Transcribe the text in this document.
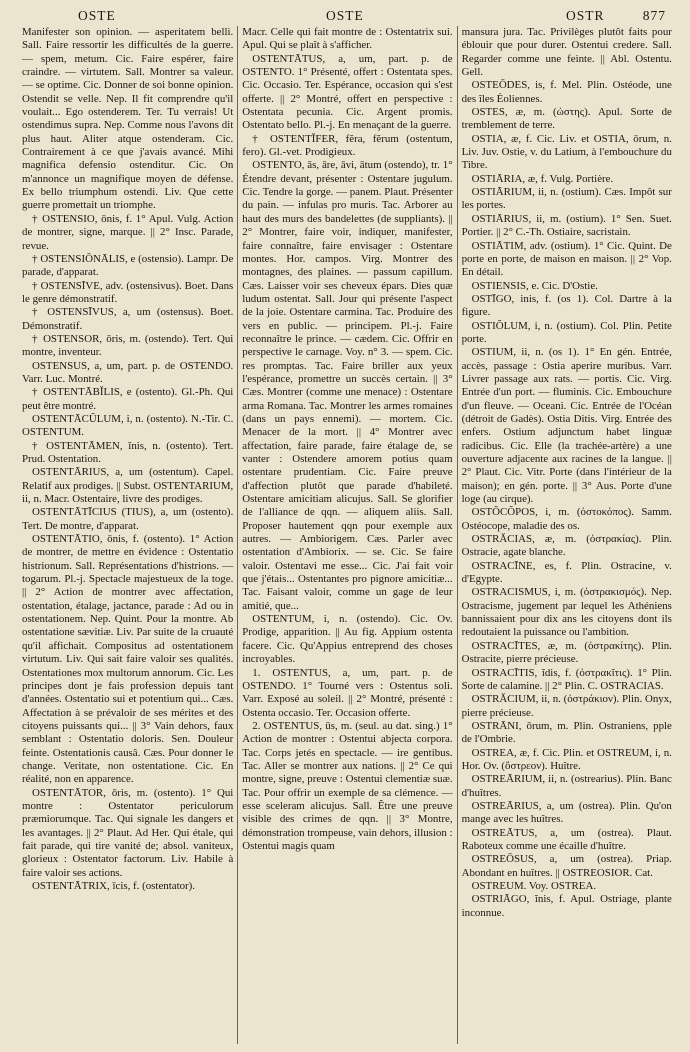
OSTE	OSTE	OSTR	877

Manifester son opinion. — asperitatem belli. Sall. Faire ressortir les difficultés de la guerre. — spem, metum. Cic. Faire espérer, faire craindre. — virtutem. Sall. Montrer sa valeur. — se optime. Cic. Donner de soi bonne opinion. Ostendit se velle. Nep. Il fit comprendre qu'il voulait... Ego ostenderem. Ter. Tu verrais! Ut ostendimus supra. Nep. Comme nous l'avons dit plus haut. Aliter atque ostenderam. Cic. Contrairement à ce que j'avais avancé. Mihi magnifica defensio ostenditur. Cic. On m'annonce un magnifique moyen de défense. Ex bello triumphum ostendi. Liv. Que cette guerre promettait un triomphe.

† OSTENSIO, ōnis, f. 1° Apul. Vulg. Action de montrer, signe, marque. || 2° Insc. Parade, revue.

† OSTENSIŌNĀLIS, e (ostensio). Lampr. De parade, d'apparat.

† OSTENSĪVE, adv. (ostensivus). Boet. Dans le genre démonstratif.

† OSTENSĪVUS, a, um (ostensus). Boet. Démonstratif.

† OSTENSOR, ōris, m. (ostendo). Tert. Qui montre, inventeur.

OSTENSUS, a, um, part. p. de OSTENDO. Varr. Luc. Montré.

† OSTENTĀBĬLIS, e (ostento). Gl.-Ph. Qui peut être montré.

OSTENTĀCŬLUM, i, n. (ostento). N.-Tir. C. OSTENTUM.

† OSTENTĀMEN, ĭnis, n. (ostento). Tert. Prud. Ostentation.

OSTENTĀRIUS, a, um (ostentum). Capel. Relatif aux prodiges. || Subst. OSTENTARIUM, ii, n. Macr. Ostentaire, livre des prodiges.

OSTENTĀTĪCIUS (TIUS), a, um (ostento). Tert. De montre, d'apparat.

OSTENTĀTIO, ōnis, f. (ostento). 1° Action de montrer, de mettre en évidence : Ostentatio histrionum. Sall. Représentations d'histrions. — togarum. Pl.-j. Spectacle majestueux de la toge. || 2° Action de montrer avec affectation, ostentation, étalage, jactance, parade : Ad ou in ostentationem. Nep. Quint. Pour la montre. Ab ostentatione sævitiæ. Liv. Par suite de la cruauté qu'il affichait. Compositus ad ostentationem virtutum. Liv. Qui sait faire valoir ses qualités. Ostentationes mox multorum annorum. Cic. Les principes dont je fais profession depuis tant d'années. Ostentatio sui et potentium qui... Cæs. Affectation à se prévaloir de ses mérites et des citoyens puissants qui... || 3° Vain dehors, faux semblant : Ostentatio doloris. Sen. Douleur feinte. Ostentationis causâ. Cæs. Pour donner le change. Veritate, non ostentatione. Cic. En réalité, non en apparence.

OSTENTĀTOR, ōris, m. (ostento). 1° Qui montre : Ostentator periculorum præmiorumque. Tac. Qui signale les dangers et les avantages. || 2° Plaut. Ad Her. Qui étale, qui fait parade, qui tire vanité de; absol. vaniteux, glorieux : Ostentator factorum. Liv. Habile à faire valoir ses actions.

OSTENTĀTRIX, īcis, f. (ostentator).

Macr. Celle qui fait montre de : Ostentatrix sui. Apul. Qui se plaît à s'afficher.

OSTENTĀTUS, a, um, part. p. de OSTENTO. 1° Présenté, offert : Ostentata spes. Cic. Occasio. Ter. Espérance, occasion qui s'est offerte. || 2° Montré, offert en perspective : Ostentata pecunia. Cic. Argent promis. Ostentato bello. Pl.-j. En menaçant de la guerre.

† OSTENTĬFER, fĕra, fĕrum (ostentum, fero). Gl.-vet. Prodigieux.

OSTENTO, ās, āre, āvi, ātum (ostendo), tr. 1° Étendre devant, présenter : Ostentare jugulum. Cic. Tendre la gorge. — panem. Plaut. Présenter du pain. — infulas pro muris. Tac. Arborer au haut des murs des bandelettes (de suppliants). || 2° Montrer, faire voir, indiquer, manifester, faire connaître, faire envisager : Ostentare montes. Hor. campos. Virg. Montrer des montagnes, des plaines. — passum capillum. Cæs. Laisser voir ses cheveux épars. Dies quæ ludum ostentat. Sall. Jour qui présente l'aspect de la joie. Ostentare carmina. Tac. Produire des vers en public. — principem. Pl.-j. Faire reconnaître le prince. — cædem. Cic. Offrir en perspective le carnage. Voy. n° 3. — spem. Cic. res promptas. Tac. Faire briller aux yeux l'espérance, promettre un succès certain. || 3° Cæs. Montrer (comme une menace) : Ostentare arma Romana. Tac. Montrer les armes romaines (dans un pays ennemi). — mortem. Cic. Menacer de la mort. || 4° Montrer avec affectation, faire parade, faire étalage de, se vanter : Ostendere amorem potius quam ostentare prudentiam. Cic. Faire preuve d'affection plutôt que parade d'habileté. Ostentare amicitiam alicujus. Sall. Se glorifier de l'alliance de qqn. — aliquem aliis. Sall. Proposer hautement qqn pour exemple aux autres. — Ambiorigem. Cæs. Parler avec ostentation d'Ambiorix. — se. Cic. Se faire valoir. Ostentavi me esse... Cic. J'ai fait voir que j'étais... Ostentantes pro pignore amicitiæ... Tac. Faisant valoir, comme un gage de leur amitié, que...

OSTENTUM, i, n. (ostendo). Cic. Ov. Prodige, apparition. || Au fig. Appium ostenta facere. Cic. Qu'Appius entreprend des choses incroyables.

1. OSTENTUS, a, um, part. p. de OSTENDO. 1° Tourné vers : Ostentus soli. Varr. Exposé au soleil. || 2° Montré, présenté : Ostenta occasio. Ter. Occasion offerte.

2. OSTENTUS, ūs, m. (seul. au dat. sing.) 1° Action de montrer : Ostentui abjecta corpora. Tac. Corps jetés en spectacle. — ire gentibus. Tac. Aller se montrer aux nations. || 2° Ce qui montre, signe, preuve : Ostentui clementiæ suæ. Tac. Pour offrir un exemple de sa clémence. — esse sceleram alicujus. Sall. Être une preuve visible des crimes de qqn. || 3° Montre, démonstration trompeuse, vain dehors, illusion : Ostentui magis quam

mansura jura. Tac. Privilèges plutôt faits pour éblouir que pour durer. Ostentui credere. Sall. Regarder comme une feinte. || Abl. Ostentu. Gell.

OSTEŌDES, is, f. Mel. Plin. Ostéode, une des îles Éoliennes.

OSTES, æ, m. (ὠστης). Apul. Sorte de tremblement de terre.

OSTIA, æ, f. Cic. Liv. et OSTIA, ōrum, n. Liv. Juv. Ostie, v. du Latium, à l'embouchure du Tibre.

OSTIĀRIA, æ, f. Vulg. Portière.

OSTIĀRIUM, ii, n. (ostium). Cæs. Impôt sur les portes.

OSTIĀRIUS, ii, m. (ostium). 1° Sen. Suet. Portier. || 2° C.-Th. Ostiaire, sacristain.

OSTIĀTIM, adv. (ostium). 1° Cic. Quint. De porte en porte, de maison en maison. || 2° Vop. En détail.

OSTIENSIS, e. Cic. D'Ostie.

OSTĪGO, inis, f. (os 1). Col. Dartre à la figure.

OSTIŎLUM, i, n. (ostium). Col. Plin. Petite porte.

OSTIUM, ii, n. (os 1). 1° En gén. Entrée, accès, passage : Ostia aperire muribus. Varr. Livrer passage aux rats. — portis. Cic. Virg. Entrée d'un port. — fluminis. Cic. Embouchure d'un fleuve. — Oceani. Cic. Entrée de l'Océan (détroit de Gadès). Ostia Ditis. Virg. Entrée des enfers. Ostium adjunctum habet linguæ radicibus. Cic. Elle (la trachée-artère) a une ouverture adjacente aux racines de la langue. || 2° Plaut. Cic. Vitr. Porte (dans l'intérieur de la maison); en gén. porte. || 3° Aus. Porte d'une loge (au cirque).

OSTŎCŎPOS, i, m. (ὀστοκόπος). Samm. Ostéocope, maladie des os.

OSTRĂCIAS, æ, m. (ὀστρακίας). Plin. Ostracie, agate blanche.

OSTRACĪNE, es, f. Plin. Ostracine, v. d'Egypte.

OSTRACISMUS, i, m. (ὀστρακισμός). Nep. Ostracisme, jugement par lequel les Athéniens bannissaient pour dix ans les citoyens dont ils redoutaient la puissance ou l'ambition.

OSTRACĪTES, æ, m. (ὀστρακίτης). Plin. Ostracite, pierre précieuse.

OSTRACĪTIS, ĭdis, f. (ὀστρακῖτις). 1° Plin. Sorte de calamine. || 2° Plin. C. OSTRACIAS.

OSTRĂCIUM, ii, n. (ὀστράκιον). Plin. Onyx, pierre précieuse.

OSTRĀNI, ōrum, m. Plin. Ostraniens, pple de l'Ombrie.

OSTREA, æ, f. Cic. Plin. et OSTREUM, i, n. Hor. Ov. (ὄστρεον). Huître.

OSTREĀRIUM, ii, n. (ostrearius). Plin. Banc d'huîtres.

OSTREĀRIUS, a, um (ostrea). Plin. Qu'on mange avec les huîtres.

OSTREĀTUS, a, um (ostrea). Plaut. Raboteux comme une écaille d'huître.

OSTREŌSUS, a, um (ostrea). Priap. Abondant en huîtres. || OSTREOSIOR. Cat.

OSTREUM. Voy. OSTREA.

OSTRIĀGO, ĭnis, f. Apul. Ostriage, plante inconnue.
